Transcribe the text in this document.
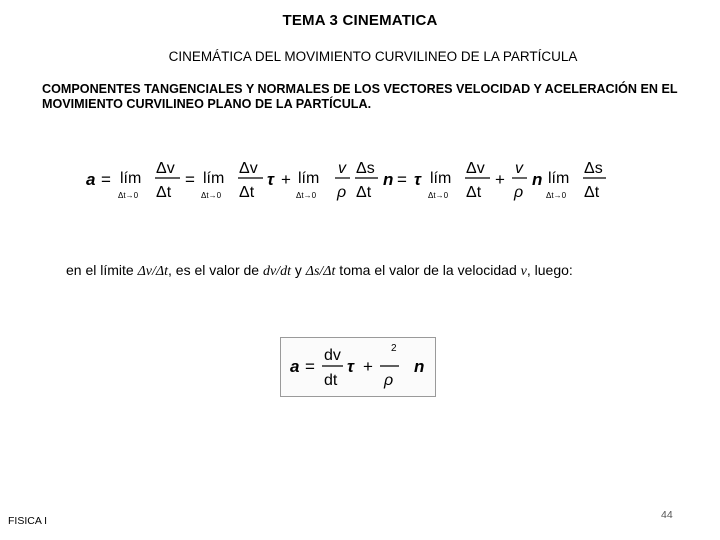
TEMA 3 CINEMATICA
CINEMÁTICA DEL MOVIMIENTO CURVILINEO DE LA PARTÍCULA
COMPONENTES TANGENCIALES Y NORMALES DE LOS VECTORES VELOCIDAD Y ACELERACIÓN EN EL MOVIMIENTO CURVILINEO PLANO DE LA PARTÍCULA.
a = lím
Δt→0
Δv
Δt
= lím
Δt→0
Δv
Δt
τ + lím
Δt→0
v
ρ
Δs
Δt
n = τ lím
Δt→0
Δv
Δt
+
v
ρ
n lím
Δt→0
Δs
Δt
en el límite Δv/Δt, es el valor de dv/dt y Δs/Δt toma el valor de la velocidad v, luego:
a =
dv
dt
τ +
2
ρ
n
FISICA I	44
